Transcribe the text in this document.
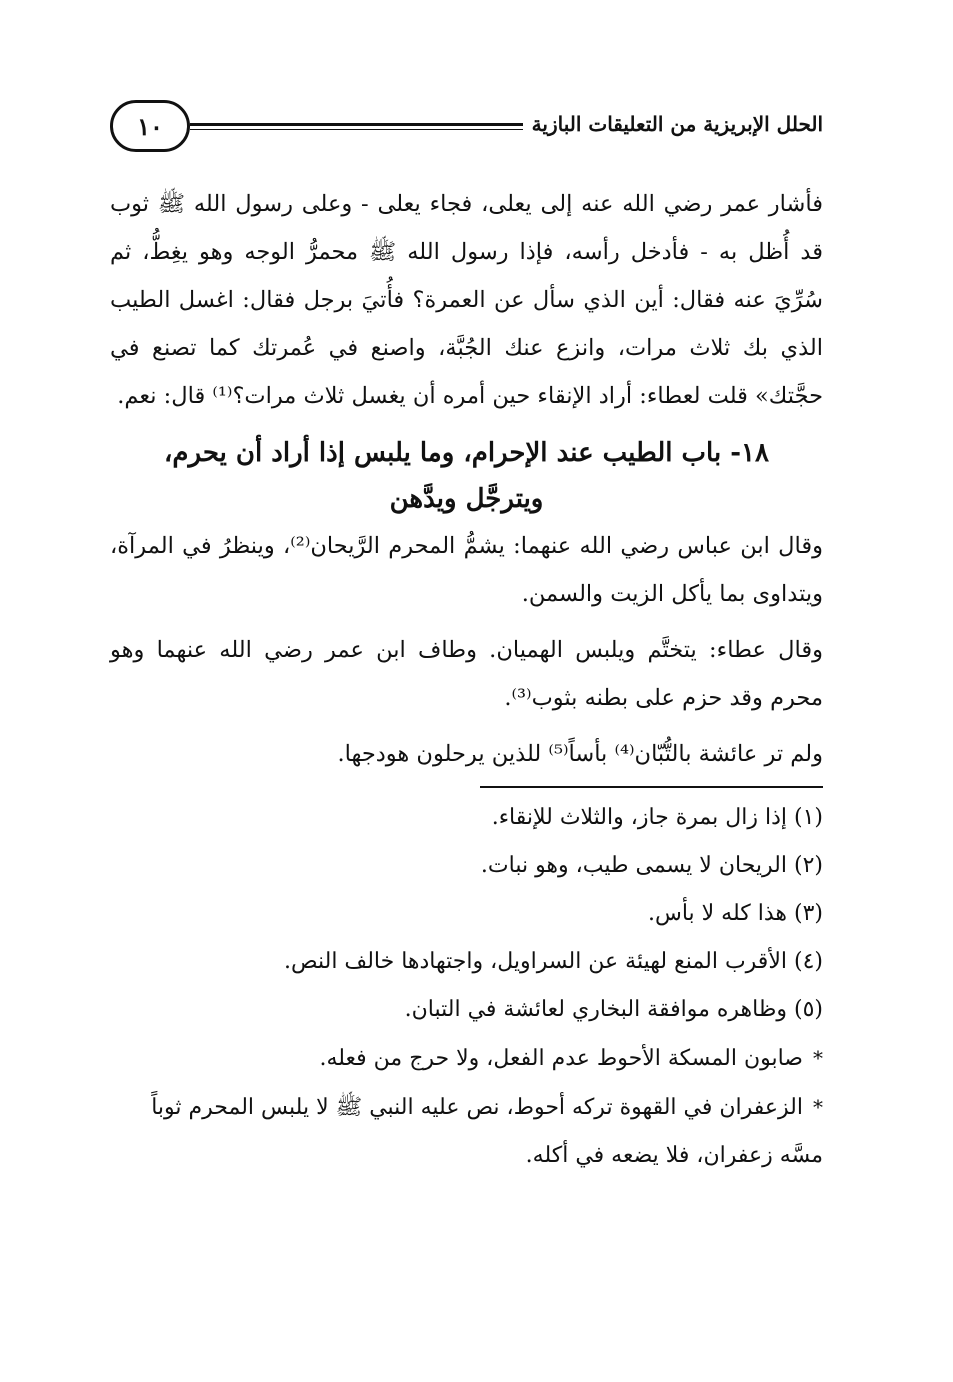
١٠	الحلل الإبريزية من التعليقات البازية

فأشار عمر رضي الله عنه إلى يعلى، فجاء يعلى - وعلى رسول الله ﷺ ثوب قد أُظل به - فأدخل رأسه، فإذا رسول الله ﷺ محمرُّ الوجه وهو يغِطُّ، ثم سُرِّيَ عنه فقال: أين الذي سأل عن العمرة؟ فأُتيَ برجل فقال: اغسل الطيب الذي بك ثلاث مرات، وانزع عنك الجُبَّة، واصنع في عُمرتك كما تصنع في حجَّتك» قلت لعطاء: أراد الإنقاء حين أمره أن يغسل ثلاث مرات؟⁽¹⁾ قال: نعم.

١٨- باب الطيب عند الإحرام، وما يلبس إذا أراد أن يحرم،
ويترجَّل ويدَّهن

وقال ابن عباس رضي الله عنهما: يشمُّ المحرم الرَّيحان⁽²⁾، وينظرُ في المرآة، ويتداوى بما يأكل الزيت والسمن.

وقال عطاء: يتختَّم ويلبس الهميان. وطاف ابن عمر رضي الله عنهما وهو محرم وقد حزم على بطنه بثوب⁽³⁾.

ولم تر عائشة بالتُّبّان⁽⁴⁾ بأساً⁽⁵⁾ للذين يرحلون هودجها.

(١) إذا زال بمرة جاز، والثلاث للإنقاء.

(٢) الريحان لا يسمى طيب، وهو نبات.

(٣) هذا كله لا بأس.

(٤) الأقرب المنع لهيئة عن السراويل، واجتهادها خالف النص.

(٥) وظاهره موافقة البخاري لعائشة في التبان.

*صابون المسكة الأحوط عدم الفعل، ولا حرج من فعله.

*الزعفران في القهوة تركه أحوط، نص عليه النبي ﷺ لا يلبس المحرم ثوباً مسَّه زعفران، فلا يضعه في أكله.
